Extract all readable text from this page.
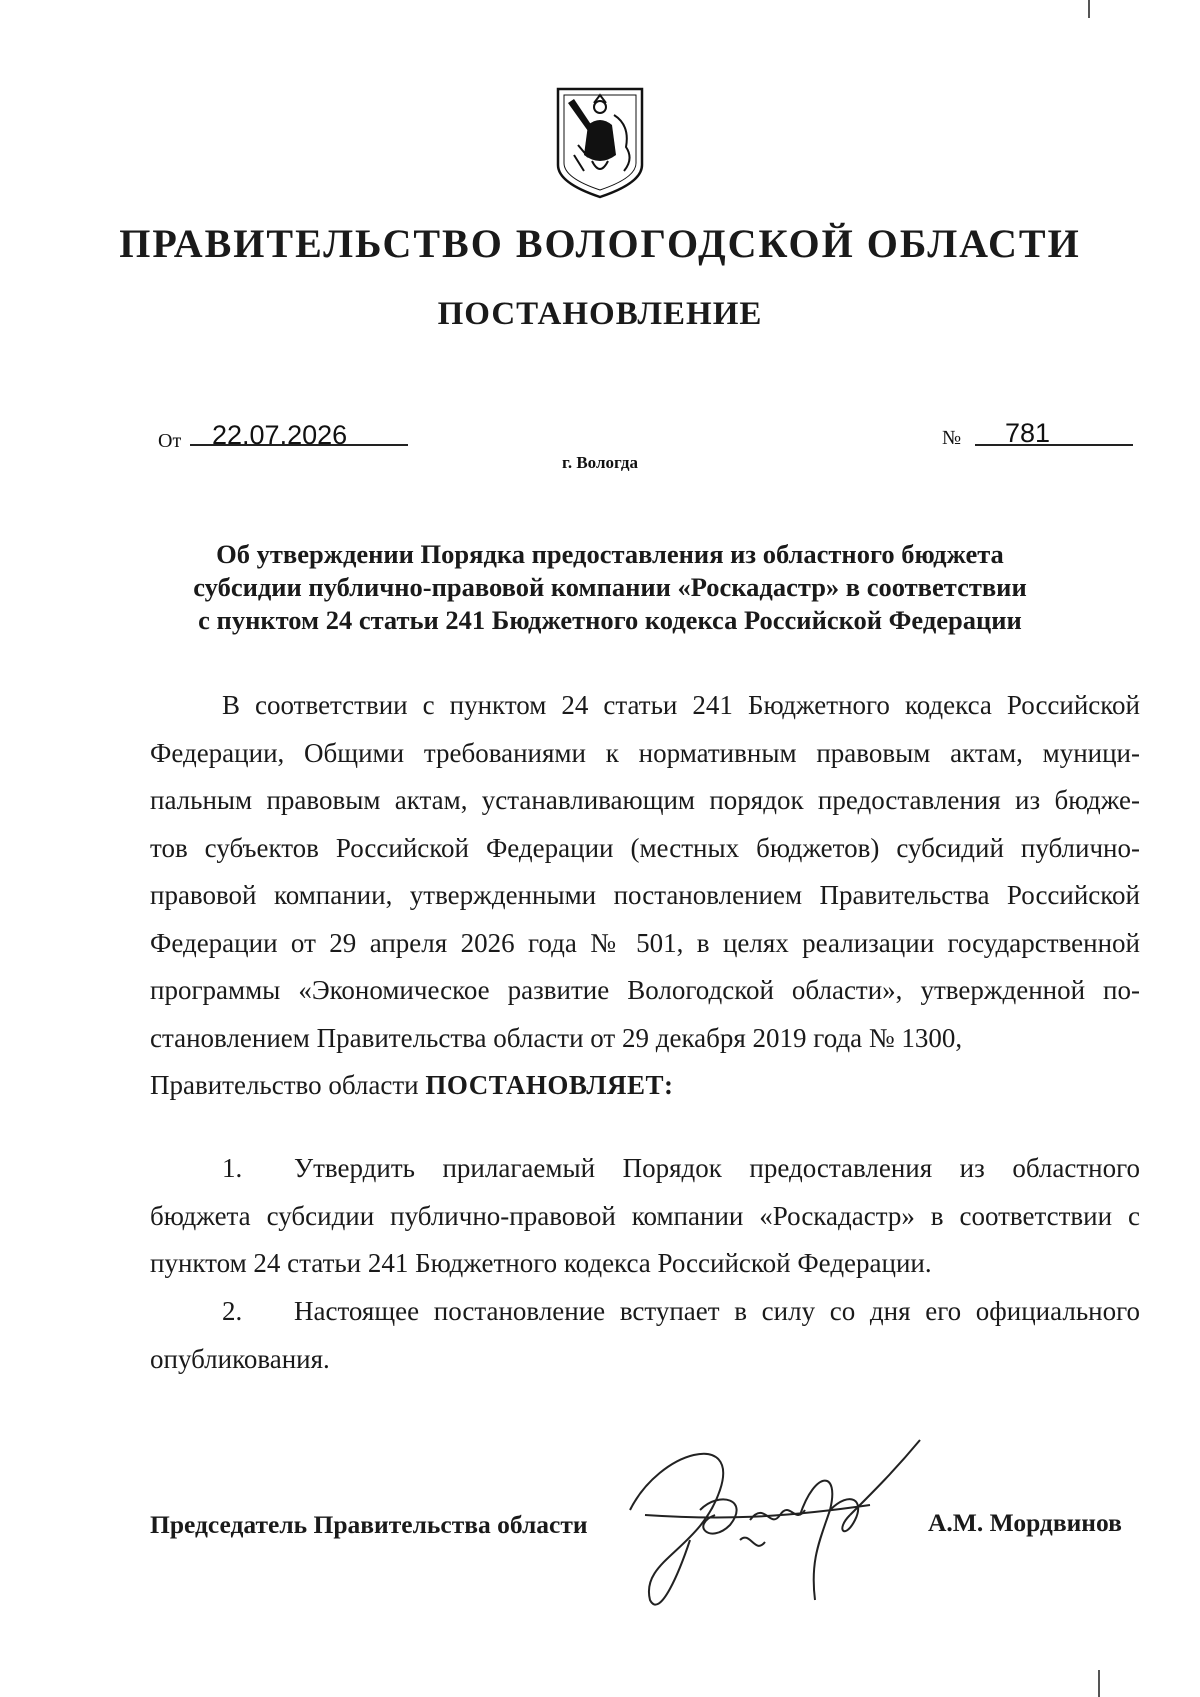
ПРАВИТЕЛЬСТВО ВОЛОГОДСКОЙ ОБЛАСТИ
ПОСТАНОВЛЕНИЕ
От 22.07.2026	№ 781
г. Вологда
Об утверждении Порядка предоставления из областного бюджета
субсидии публично-правовой компании «Роскадастр» в соответствии
с пунктом 24 статьи 241 Бюджетного кодекса Российской Федерации
В соответствии с пунктом 24 статьи 241 Бюджетного кодекса Российской
Федерации, Общими требованиями к нормативным правовым актам, муници-
пальным правовым актам, устанавливающим порядок предоставления из бюдже-
тов субъектов Российской Федерации (местных бюджетов) субсидий публично-
правовой компании, утвержденными постановлением Правительства Российской
Федерации от 29 апреля 2026 года № 501, в целях реализации государственной
программы «Экономическое развитие Вологодской области», утвержденной по-
становлением Правительства области от 29 декабря 2019 года № 1300,
Правительство области ПОСТАНОВЛЯЕТ:
1. Утвердить прилагаемый Порядок предоставления из областного
бюджета субсидии публично-правовой компании «Роскадастр» в соответствии с
пунктом 24 статьи 241 Бюджетного кодекса Российской Федерации.
2. Настоящее постановление вступает в силу со дня его официального
опубликования.
Председатель Правительства области	А.М. Мордвинов
